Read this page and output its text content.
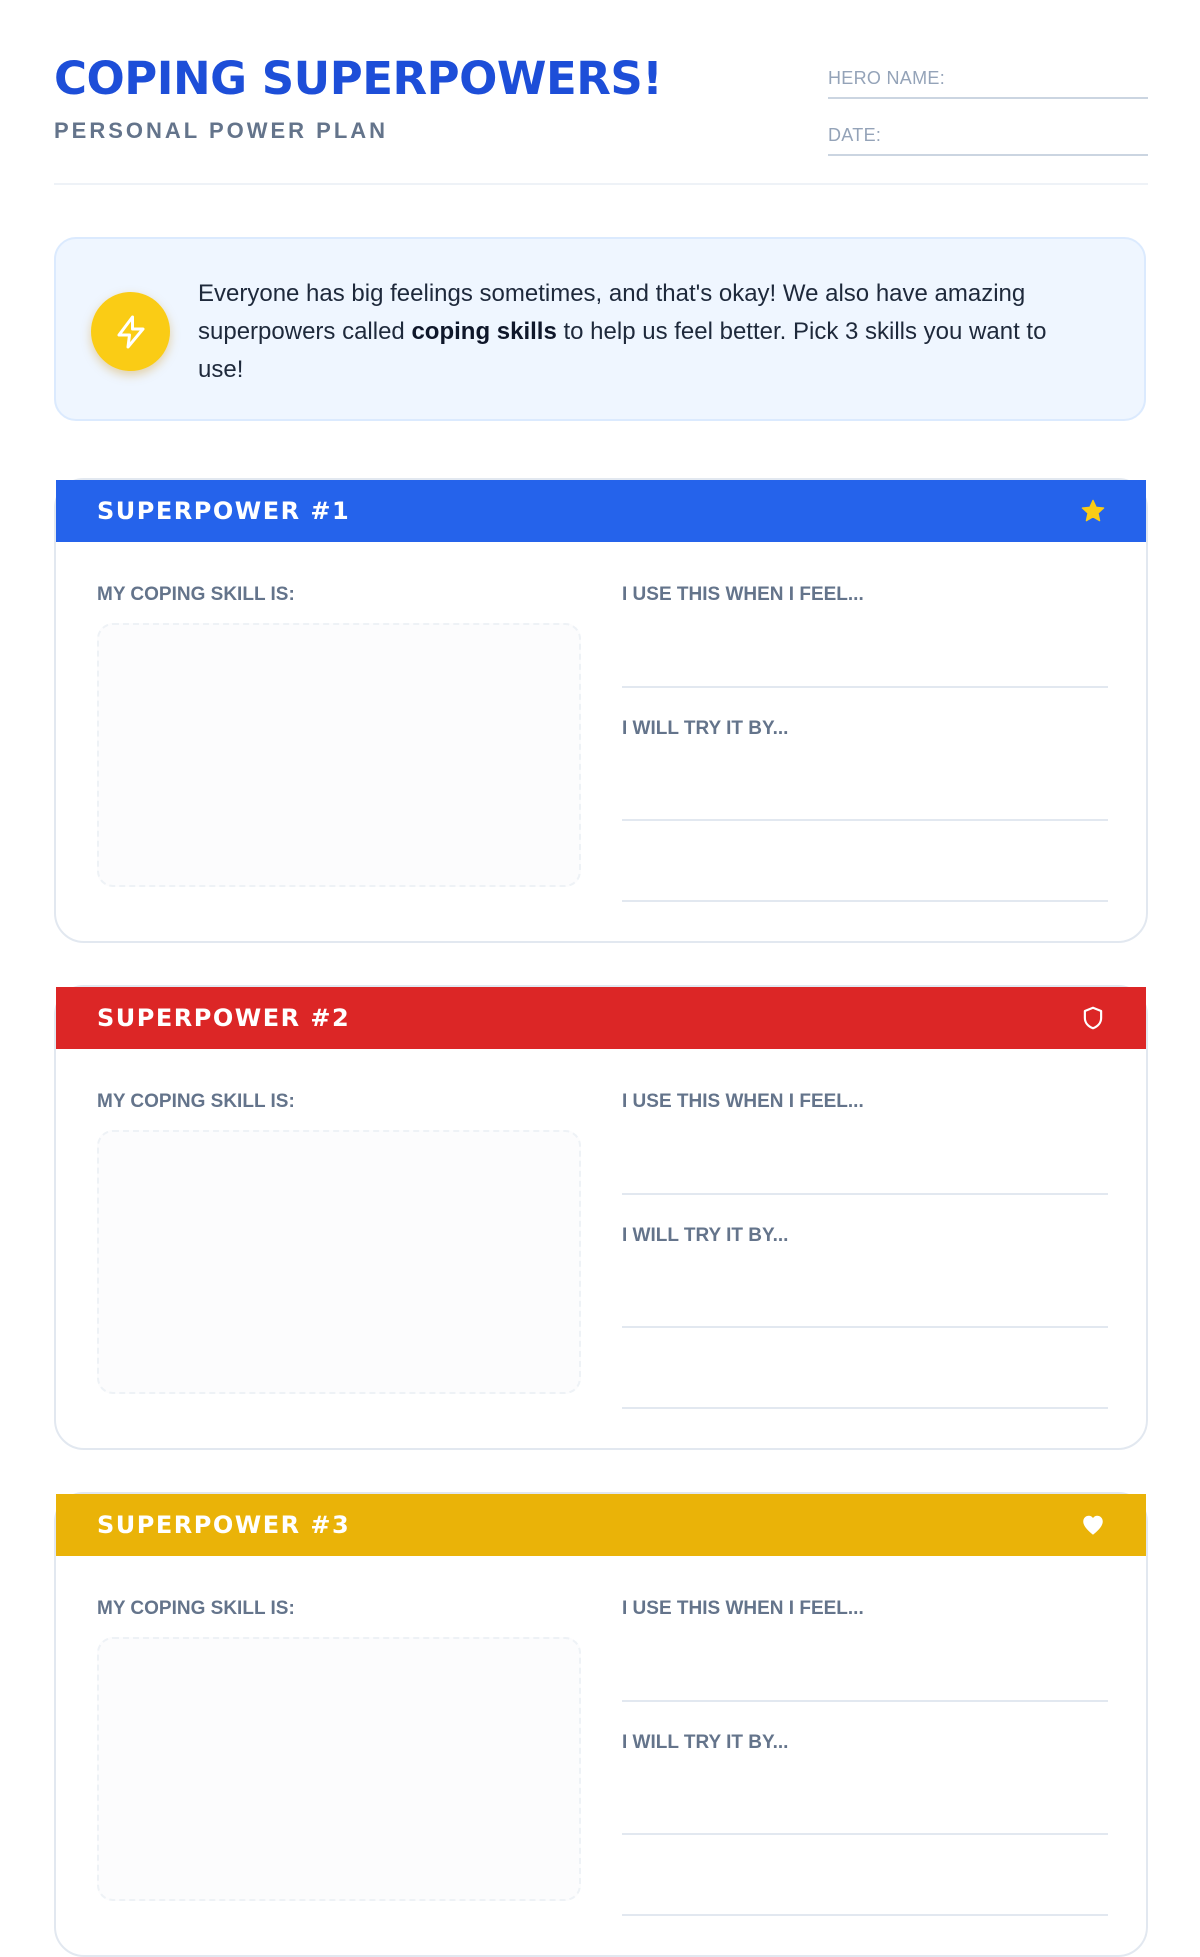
COPING SUPERPOWERS!
PERSONAL POWER PLAN
HERO NAME:
DATE:

Everyone has big feelings sometimes, and that's okay! We also have amazing superpowers called coping skills to help us feel better. Pick 3 skills you want to use!

SUPERPOWER #1
MY COPING SKILL IS:	I USE THIS WHEN I FEEL...
I WILL TRY IT BY...
SUPERPOWER #2
MY COPING SKILL IS:	I USE THIS WHEN I FEEL...
I WILL TRY IT BY...
SUPERPOWER #3
MY COPING SKILL IS:	I USE THIS WHEN I FEEL...
I WILL TRY IT BY...
